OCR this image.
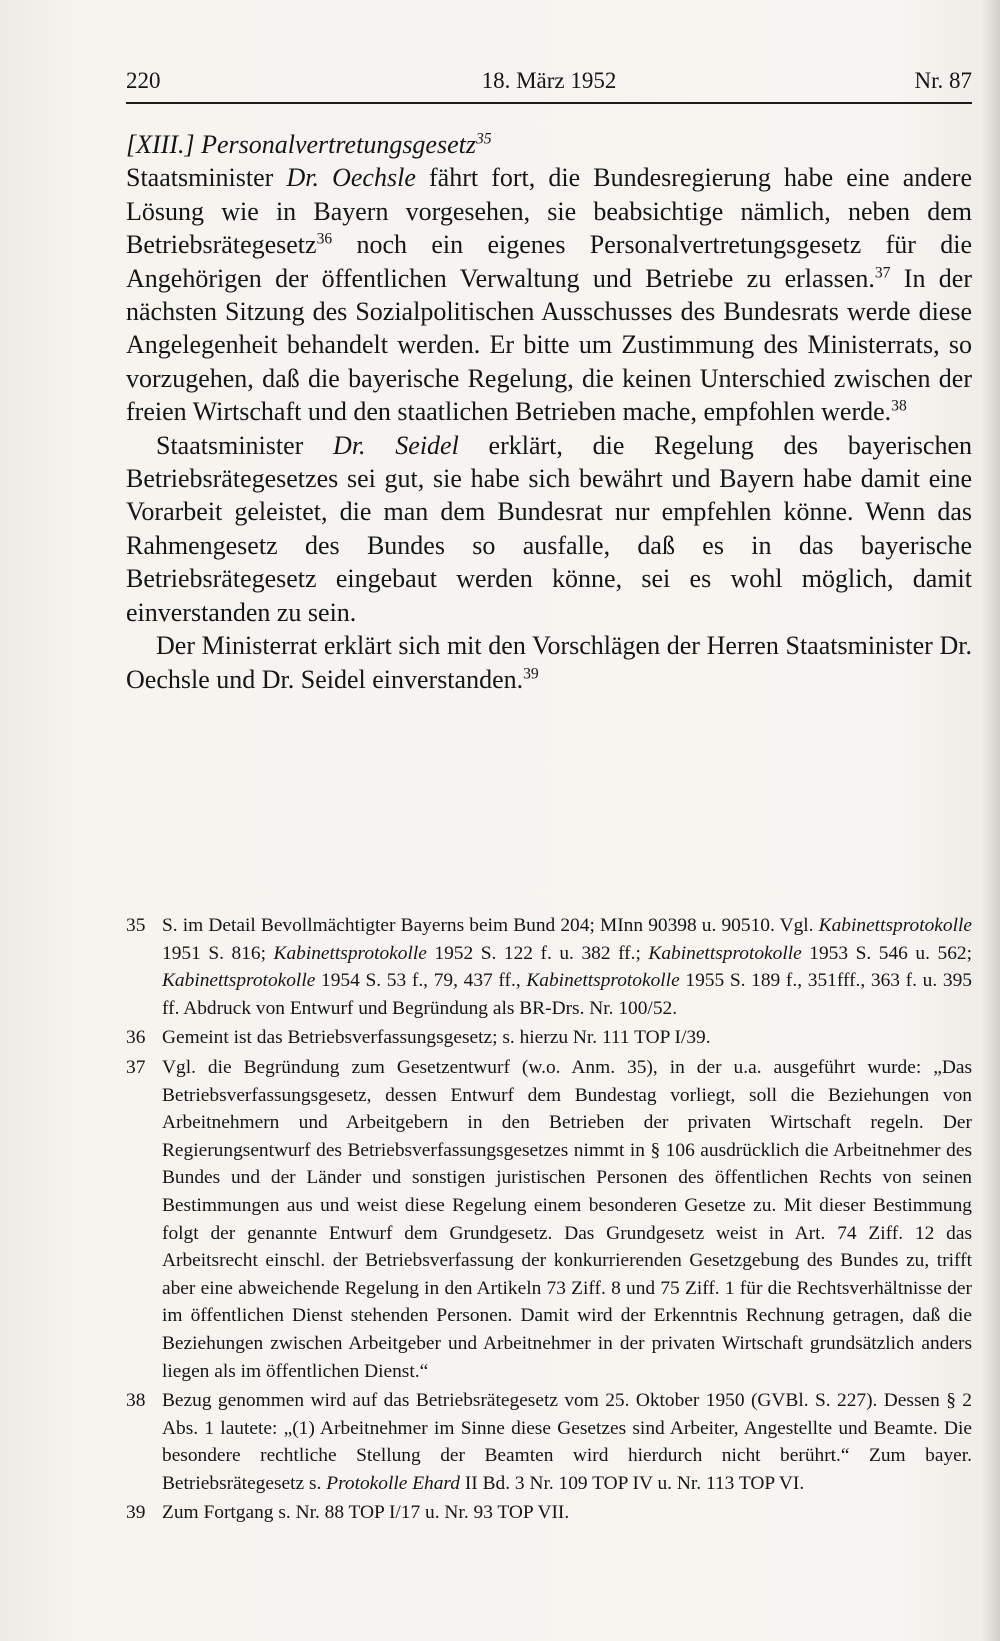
220	18. März 1952	Nr. 87
[XIII.] Personalvertretungsgesetz$^{35}$

Staatsminister Dr. Oechsle fährt fort, die Bundesregierung habe eine andere Lösung wie in Bayern vorgesehen, sie beabsichtige nämlich, neben dem Betriebsrätegesetz$^{36}$ noch ein eigenes Personalvertretungsgesetz für die Angehörigen der öffentlichen Verwaltung und Betriebe zu erlassen.$^{37}$ In der nächsten Sitzung des Sozialpolitischen Ausschusses des Bundesrats werde diese Angelegenheit behandelt werden. Er bitte um Zustimmung des Ministerrats, so vorzugehen, daß die bayerische Regelung, die keinen Unterschied zwischen der freien Wirtschaft und den staatlichen Betrieben mache, empfohlen werde.$^{38}$

Staatsminister Dr. Seidel erklärt, die Regelung des bayerischen Betriebsrätegesetzes sei gut, sie habe sich bewährt und Bayern habe damit eine Vorarbeit geleistet, die man dem Bundesrat nur empfehlen könne. Wenn das Rahmengesetz des Bundes so ausfalle, daß es in das bayerische Betriebsrätegesetz eingebaut werden könne, sei es wohl möglich, damit einverstanden zu sein.

Der Ministerrat erklärt sich mit den Vorschlägen der Herren Staatsminister Dr. Oechsle und Dr. Seidel einverstanden.$^{39}$

35 S. im Detail Bevollmächtigter Bayerns beim Bund 204; MInn 90398 u. 90510. Vgl. Kabinettsprotokolle 1951 S. 816; Kabinettsprotokolle 1952 S. 122 f. u. 382 ff.; Kabinettsprotokolle 1953 S. 546 u. 562; Kabinettsprotokolle 1954 S. 53 f., 79, 437 ff., Kabinettsprotokolle 1955 S. 189 f., 351fff., 363 f. u. 395 ff. Abdruck von Entwurf und Begründung als BR-Drs. Nr. 100/52.
36 Gemeint ist das Betriebsverfassungsgesetz; s. hierzu Nr. 111 TOP I/39.
37 Vgl. die Begründung zum Gesetzentwurf (w.o. Anm. 35), in der u.a. ausgeführt wurde: „Das Betriebsverfassungsgesetz, dessen Entwurf dem Bundestag vorliegt, soll die Beziehungen von Arbeitnehmern und Arbeitgebern in den Betrieben der privaten Wirtschaft regeln. Der Regierungsentwurf des Betriebsverfassungsgesetzes nimmt in § 106 ausdrücklich die Arbeitnehmer des Bundes und der Länder und sonstigen juristischen Personen des öffentlichen Rechts von seinen Bestimmungen aus und weist diese Regelung einem besonderen Gesetze zu. Mit dieser Bestimmung folgt der genannte Entwurf dem Grundgesetz. Das Grundgesetz weist in Art. 74 Ziff. 12 das Arbeitsrecht einschl. der Betriebsverfassung der konkurrierenden Gesetzgebung des Bundes zu, trifft aber eine abweichende Regelung in den Artikeln 73 Ziff. 8 und 75 Ziff. 1 für die Rechtsverhältnisse der im öffentlichen Dienst stehenden Personen. Damit wird der Erkenntnis Rechnung getragen, daß die Beziehungen zwischen Arbeitgeber und Arbeitnehmer in der privaten Wirtschaft grundsätzlich anders liegen als im öffentlichen Dienst.“
38 Bezug genommen wird auf das Betriebsrätegesetz vom 25. Oktober 1950 (GVBl. S. 227). Dessen § 2 Abs. 1 lautete: „(1) Arbeitnehmer im Sinne diese Gesetzes sind Arbeiter, Angestellte und Beamte. Die besondere rechtliche Stellung der Beamten wird hierdurch nicht berührt.“ Zum bayer. Betriebsrätegesetz s. Protokolle Ehard II Bd. 3 Nr. 109 TOP IV u. Nr. 113 TOP VI.
39 Zum Fortgang s. Nr. 88 TOP I/17 u. Nr. 93 TOP VII.
